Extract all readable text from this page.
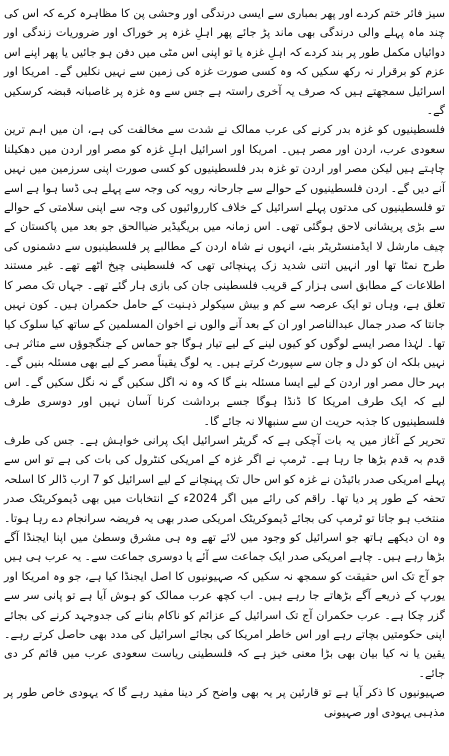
سیز فائر ختم کردے اور پھر بمباری سے ایسی درندگی اور وحشی پن کا مظاہرہ کرے کہ اس کی چند ماہ پہلے والی درندگی بھی ماند پڑ جائے پھر اہلِ غزہ پر خوراک اور ضروریات زندگی اور دوائیاں مکمل طور پر بند کردے کہ اہلِ غزہ یا تو اپنی اس مٹی میں دفن ہو جائیں یا پھر اپنے اس عزم کو برقرار نہ رکھ سکیں کہ وہ کسی صورت غزہ کی زمین سے نہیں نکلیں گے۔ امریکا اور اسرائیل سمجھتے ہیں کہ صرف یہ آخری راستہ ہے جس سے وہ غزہ پر غاصبانہ قبضہ کرسکیں گے۔

فلسطینیوں کو غزہ بدر کرنے کی عرب ممالک نے شدت سے مخالفت کی ہے، ان میں اہم ترین سعودی عرب، اردن اور مصر ہیں۔ امریکا اور اسرائیل اہلِ غزہ کو مصر اور اردن میں دھکیلنا چاہتے ہیں لیکن مصر اور اردن تو غزہ بدر فلسطینیوں کو کسی صورت اپنی سرزمین میں نہیں آنے دیں گے۔ اردن فلسطینیوں کے حوالے سے جارحانہ رویہ کی وجہ سے پہلے ہی ڈسا ہوا ہے اسے تو فلسطینیوں کی مدتوں پہلے اسرائیل کے خلاف کارروائیوں کی وجہ سے اپنی سلامتی کے حوالے سے بڑی پریشانی لاحق ہوگئی تھی۔ اس زمانہ میں بریگیڈیر ضیاالحق جو بعد میں پاکستان کے چیف مارشل لا ایڈمنسٹریٹر بنے، انہوں نے شاہ اردن کے مطالبے پر فلسطینیوں سے دشمنوں کی طرح نمٹا تھا اور انہیں اتنی شدید زک پہنچائی تھی کہ فلسطینی چیخ اٹھے تھے۔ غیر مستند اطلاعات کے مطابق اسی ہزار کے قریب فلسطینی جان کی بازی ہار گئے تھے۔ جہاں تک مصر کا تعلق ہے، وہاں تو ایک عرصہ سے کم و بیش سیکولر ذہنیت کے حامل حکمران ہیں۔ کون نہیں جانتا کہ صدر جمال عبدالناصر اور ان کے بعد آنے والوں نے اخوان المسلمین کے ساتھ کیا سلوک کیا تھا۔ لہٰذا مصر ایسے لوگوں کو کیوں لینے کے لیے تیار ہوگا جو حماس کے جنگجوؤں سے متاثر ہی نہیں بلکہ ان کو دل و جان سے سپورٹ کرتے ہیں۔ یہ لوگ یقیناً مصر کے لیے بھی مسئلہ بنیں گے۔ بہر حال مصر اور اردن کے لیے ایسا مسئلہ بنے گا کہ وہ نہ اگل سکیں گے نہ نگل سکیں گے۔ اس لیے کہ ایک طرف امریکا کا ڈنڈا ہوگا جسے برداشت کرنا آسان نہیں اور دوسری طرف فلسطینیوں کا جذبہ حریت ان سے سنبھالا نہ جائے گا۔

تحریر کے آغاز میں یہ بات آچکی ہے کہ گریٹر اسرائیل ایک پرانی خواہش ہے۔ جس کی طرف قدم بہ قدم بڑھا جا رہا ہے۔ ٹرمپ نے اگر غزہ کے امریکی کنٹرول کی بات کی ہے تو اس سے پہلے امریکی صدر بائیڈن نے غزہ کو اس حال تک پہنچانے کے لیے اسرائیل کو 7 ارب ڈالر کا اسلحہ تحفہ کے طور پر دیا تھا۔ راقم کی رائے میں اگر 2024ء کے انتخابات میں بھی ڈیموکریٹک صدر منتخب ہو جاتا تو ٹرمپ کی بجائے ڈیموکریٹک امریکی صدر بھی یہ فریضہ سرانجام دے رہا ہوتا۔ وہ ان دیکھے ہاتھ جو اسرائیل کو وجود میں لائے تھے وہ ہی مشرق وسطیٰ میں اپنا ایجنڈا آگے بڑھا رہے ہیں۔ چاہے امریکی صدر ایک جماعت سے آئے یا دوسری جماعت سے۔ یہ عرب ہی ہیں جو آج تک اس حقیقت کو سمجھ نہ سکیں کہ صہیونیوں کا اصل ایجنڈا کیا ہے، جو وہ امریکا اور یورپ کے ذریعے آگے بڑھاتے جا رہے ہیں۔ اب کچھ عرب ممالک کو ہوش آیا ہے تو پانی سر سے گزر چکا ہے۔ عرب حکمران آج تک اسرائیل کے عزائم کو ناکام بنانے کی جدوجہد کرنے کی بجائے اپنی حکومتیں بچاتے رہے اور اس خاطر امریکا کی بجائے اسرائیل کی مدد بھی حاصل کرتے رہے۔ یقین یا نہ کیا بیان بھی بڑا معنی خیز ہے کہ فلسطینی ریاست سعودی عرب میں قائم کر دی جائے۔

صہیونیوں کا ذکر آیا ہے تو قارئین پر یہ بھی واضح کر دینا مفید رہے گا کہ یہودی خاص طور پر مذہبی یہودی اور صہیونی
